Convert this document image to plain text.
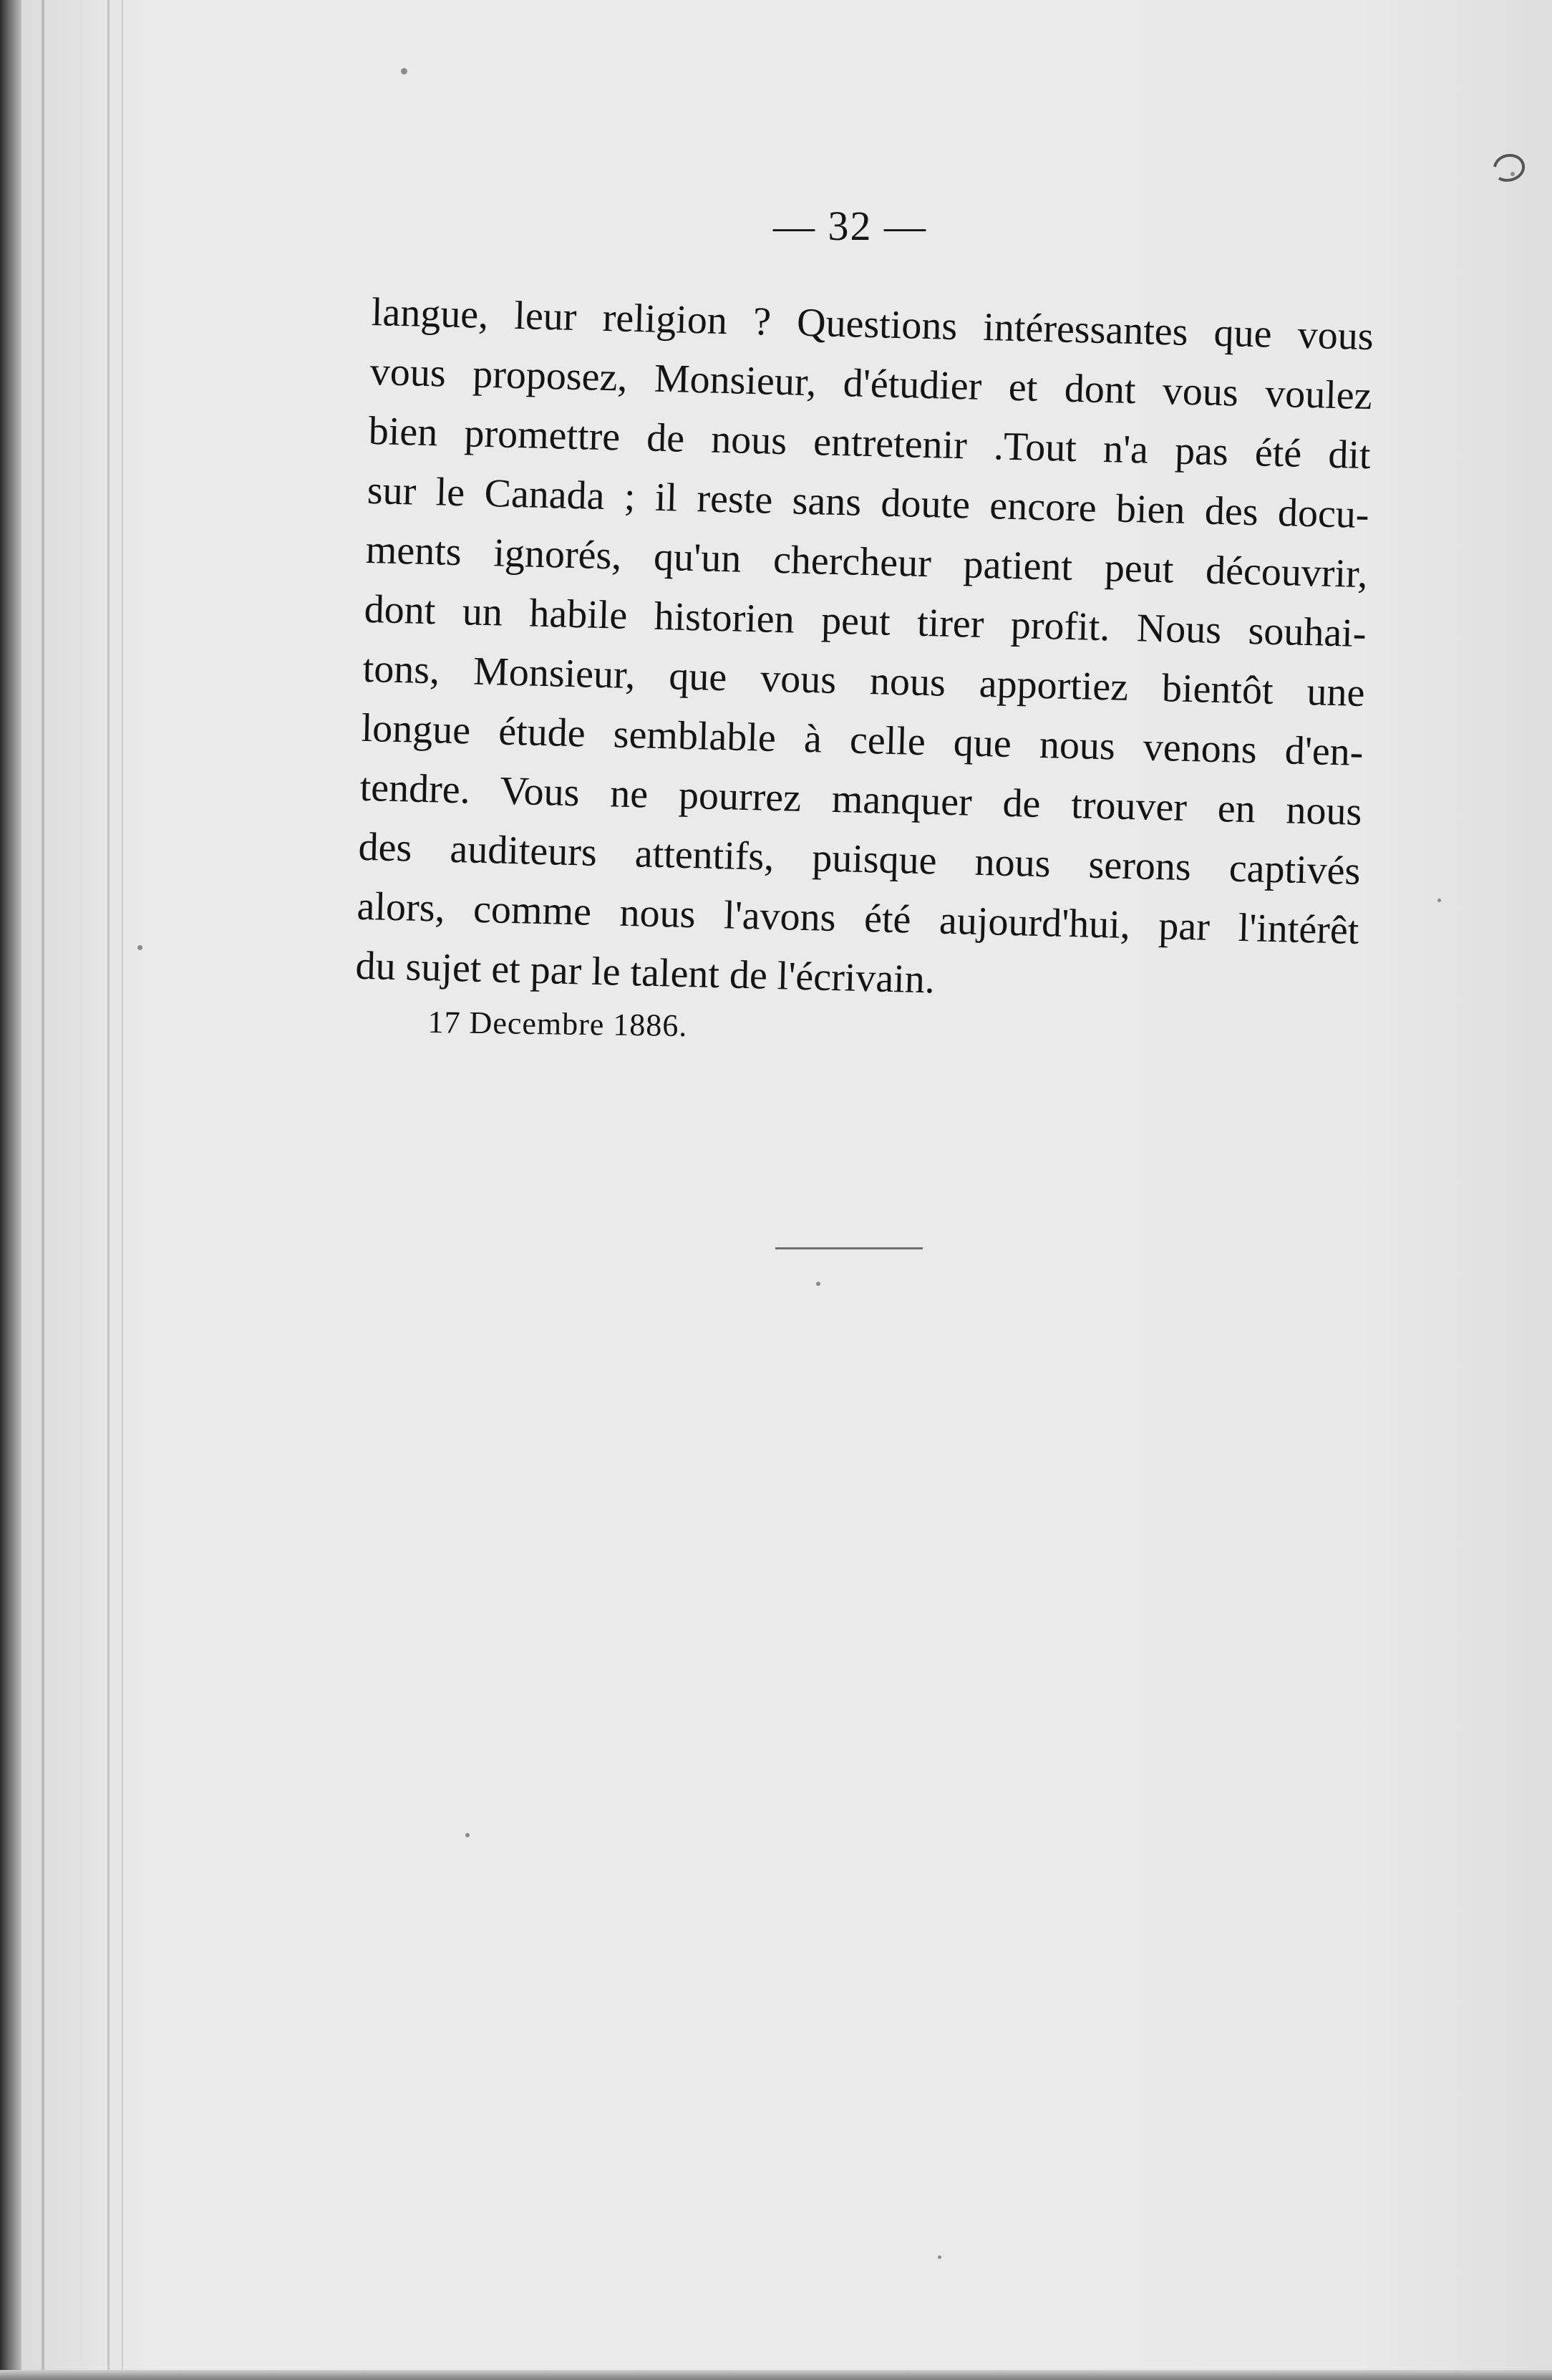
— 32 —
langue, leur religion ? Questions intéressantes que vous
vous proposez, Monsieur, d'étudier et dont vous voulez
bien promettre de nous entretenir .Tout n'a pas été dit
sur le Canada ; il reste sans doute encore bien des docu-
ments ignorés, qu'un chercheur patient peut découvrir,
dont un habile historien peut tirer profit. Nous souhai-
tons, Monsieur, que vous nous apportiez bientôt une
longue étude semblable à celle que nous venons d'en-
tendre. Vous ne pourrez manquer de trouver en nous
des auditeurs attentifs, puisque nous serons captivés
alors, comme nous l'avons été aujourd'hui, par l'intérêt
du sujet et par le talent de l'écrivain.
17 Decembre 1886.
